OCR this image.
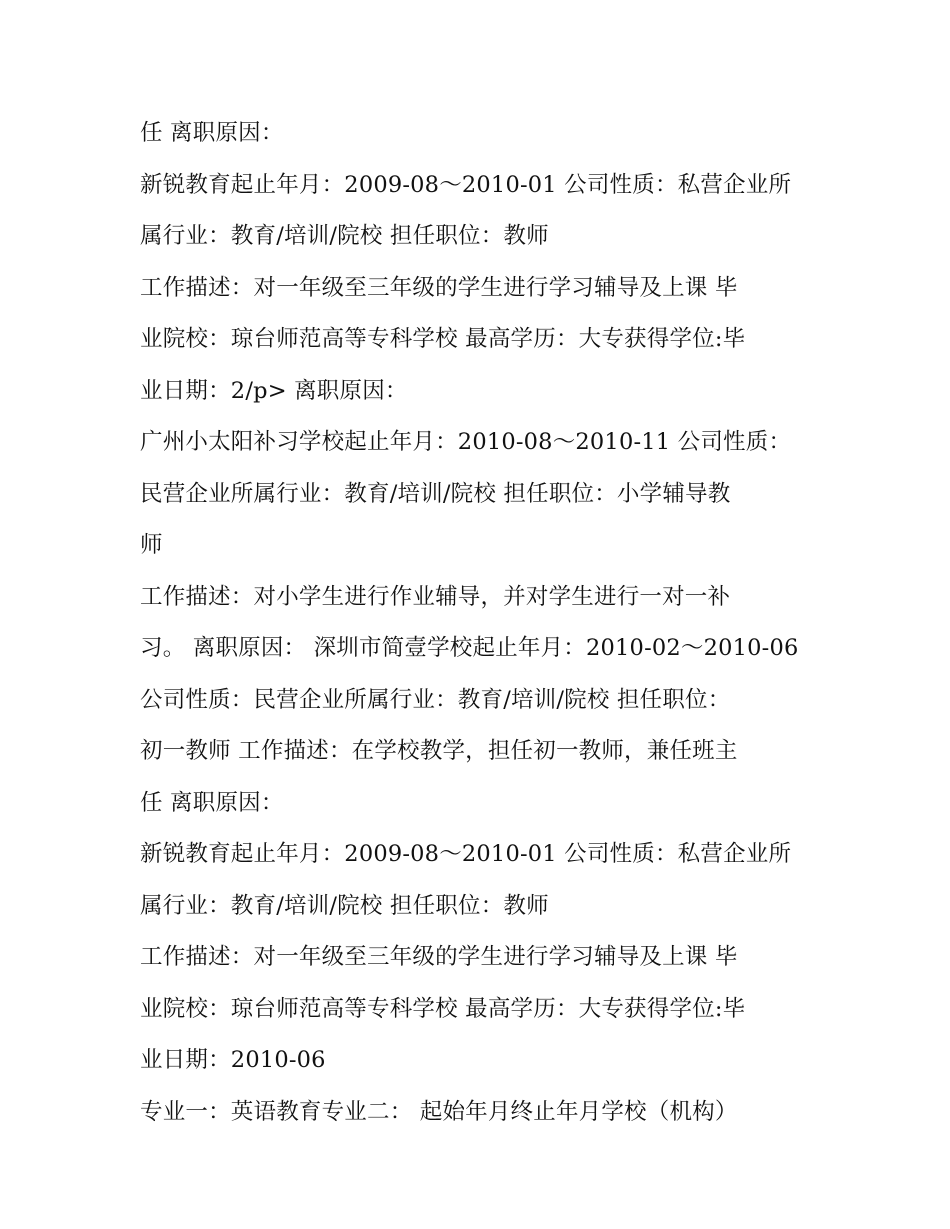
任 离职原因：
新锐教育起止年月：2009-08～2010-01 公司性质：私营企业所
属行业：教育/培训/院校 担任职位：教师
工作描述：对一年级至三年级的学生进行学习辅导及上课 毕
业院校：琼台师范高等专科学校 最高学历：大专获得学位:毕
业日期：2/p> 离职原因：
广州小太阳补习学校起止年月：2010-08～2010-11 公司性质：
民营企业所属行业：教育/培训/院校 担任职位：小学辅导教
师
工作描述：对小学生进行作业辅导，并对学生进行一对一补
习。 离职原因： 深圳市简壹学校起止年月：2010-02～2010-06
公司性质：民营企业所属行业：教育/培训/院校 担任职位：
初一教师 工作描述：在学校教学，担任初一教师，兼任班主
任 离职原因：
新锐教育起止年月：2009-08～2010-01 公司性质：私营企业所
属行业：教育/培训/院校 担任职位：教师
工作描述：对一年级至三年级的学生进行学习辅导及上课 毕
业院校：琼台师范高等专科学校 最高学历：大专获得学位:毕
业日期：2010-06
专业一：英语教育专业二： 起始年月终止年月学校（机构）
